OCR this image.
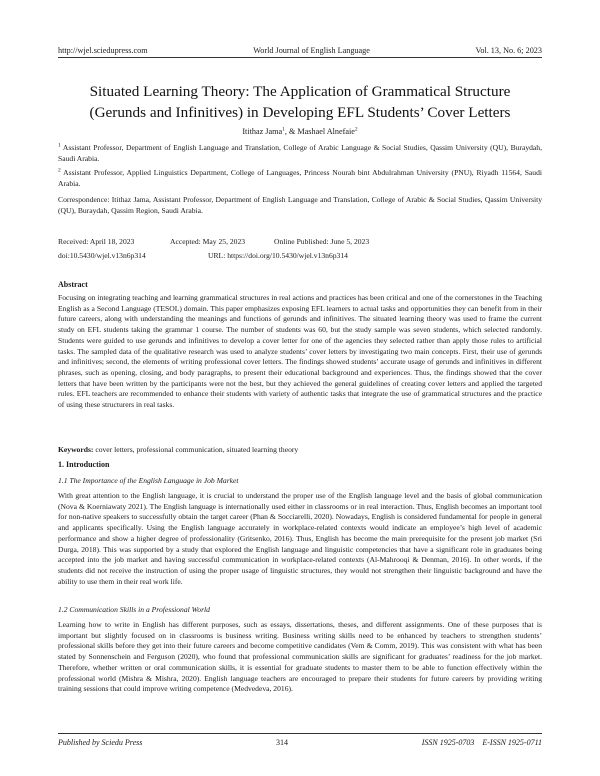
http://wjel.sciedupress.com	World Journal of English Language	Vol. 13, No. 6; 2023
Situated Learning Theory: The Application of Grammatical Structure
(Gerunds and Infinitives) in Developing EFL Students’ Cover Letters
Itithaz Jama$^1$, & Mashael Alnefaie$^2$
$^1$ Assistant Professor, Department of English Language and Translation, College of Arabic Language & Social Studies, Qassim University (QU), Buraydah, Saudi Arabia.
$^2$ Assistant Professor, Applied Linguistics Department, College of Languages, Princess Nourah bint Abdulrahman University (PNU), Riyadh 11564, Saudi Arabia.
Correspondence: Itithaz Jama, Assistant Professor, Department of English Language and Translation, College of Arabic & Social Studies, Qassim University (QU), Buraydah, Qassim Region, Saudi Arabia.
Received: April 18, 2023	Accepted: May 25, 2023	Online Published: June 5, 2023
doi:10.5430/wjel.v13n6p314	URL: https://doi.org/10.5430/wjel.v13n6p314
Abstract
Focusing on integrating teaching and learning grammatical structures in real actions and practices has been critical and one of the cornerstones in the Teaching English as a Second Language (TESOL) domain. This paper emphasizes exposing EFL learners to actual tasks and opportunities they can benefit from in their future careers, along with understanding the meanings and functions of gerunds and infinitives. The situated learning theory was used to frame the current study on EFL students taking the grammar 1 course. The number of students was 60, but the study sample was seven students, which selected randomly. Students were guided to use gerunds and infinitives to develop a cover letter for one of the agencies they selected rather than apply those rules to artificial tasks. The sampled data of the qualitative research was used to analyze students’ cover letters by investigating two main concepts. First, their use of gerunds and infinitives; second, the elements of writing professional cover letters. The findings showed students’ accurate usage of gerunds and infinitives in different phrases, such as opening, closing, and body paragraphs, to present their educational background and experiences. Thus, the findings showed that the cover letters that have been written by the participants were not the best, but they achieved the general guidelines of creating cover letters and applied the targeted rules. EFL teachers are recommended to enhance their students with variety of authentic tasks that integrate the use of grammatical structures and the practice of using these structurers in real tasks.
Keywords: cover letters, professional communication, situated learning theory
1. Introduction
1.1 The Importance of the English Language in Job Market
With great attention to the English language, it is crucial to understand the proper use of the English language level and the basis of global communication (Nova & Koerniawaty 2021). The English language is internationally used either in classrooms or in real interaction. Thus, English becomes an important tool for non-native speakers to successfully obtain the target career (Phan & Socciarelli, 2020). Nowadays, English is considered fundamental for people in general and applicants specifically. Using the English language accurately in workplace-related contexts would indicate an employee’s high level of academic performance and show a higher degree of professionality (Gritsenko, 2016). Thus, English has become the main prerequisite for the present job market (Sri Durga, 2018). This was supported by a study that explored the English language and linguistic competencies that have a significant role in graduates being accepted into the job market and having successful communication in workplace-related contexts (Al-Mahrooqi & Denman, 2016). In other words, if the students did not receive the instruction of using the proper usage of linguistic structures, they would not strengthen their linguistic background and have the ability to use them in their real work life.
1.2 Communication Skills in a Professional World
Learning how to write in English has different purposes, such as essays, dissertations, theses, and different assignments. One of these purposes that is important but slightly focused on in classrooms is business writing. Business writing skills need to be enhanced by teachers to strengthen students’ professional skills before they get into their future careers and become competitive candidates (Vem & Comm, 2019). This was consistent with what has been stated by Sonnenschein and Ferguson (2020), who found that professional communication skills are significant for graduates’ readiness for the job market. Therefore, whether written or oral communication skills, it is essential for graduate students to master them to be able to function effectively within the professional world (Mishra & Mishra, 2020). English language teachers are encouraged to prepare their students for future careers by providing writing training sessions that could improve writing competence (Medvedeva, 2016).
Published by Sciedu Press	314	ISSN 1925-0703    E-ISSN 1925-0711
